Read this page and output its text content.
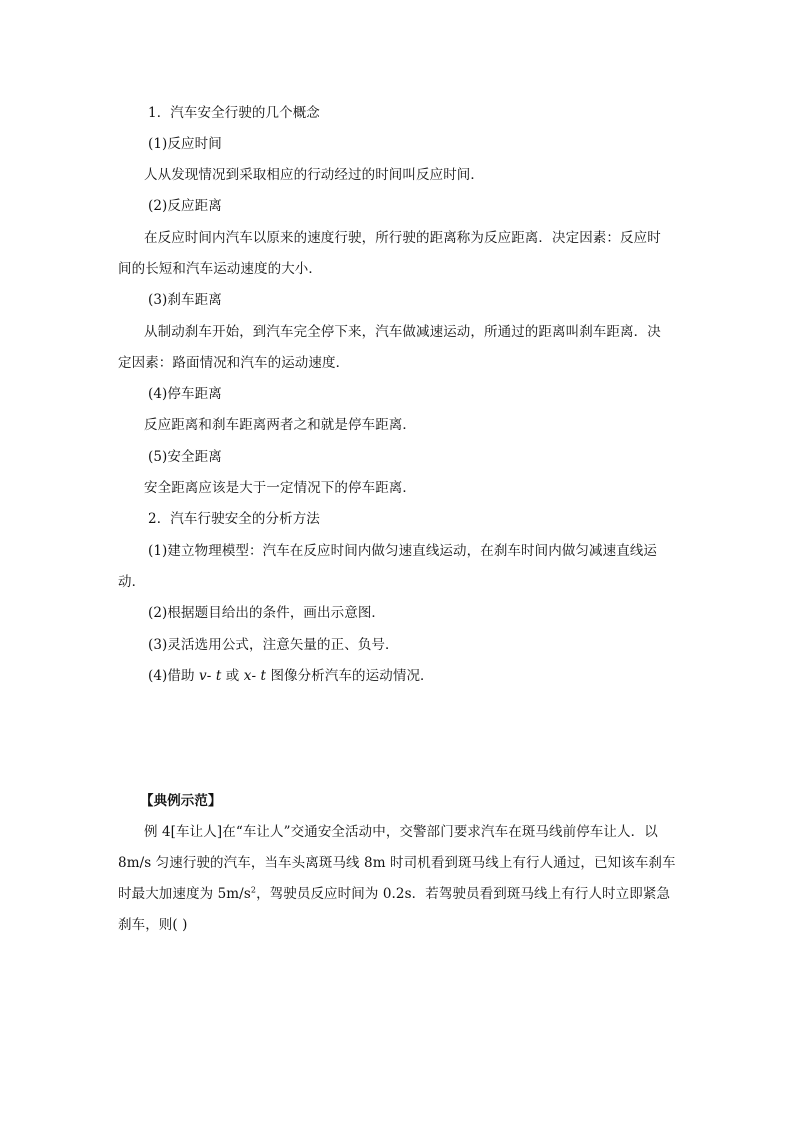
1．汽车安全行驶的几个概念
(1)反应时间
人从发现情况到采取相应的行动经过的时间叫反应时间．
(2)反应距离
在反应时间内汽车以原来的速度行驶，所行驶的距离称为反应距离．决定因素：反应时
间的长短和汽车运动速度的大小．
(3)刹车距离
从制动刹车开始，到汽车完全停下来，汽车做减速运动，所通过的距离叫刹车距离．决
定因素：路面情况和汽车的运动速度．
(4)停车距离
反应距离和刹车距离两者之和就是停车距离．
(5)安全距离
安全距离应该是大于一定情况下的停车距离．
2．汽车行驶安全的分析方法
(1)建立物理模型：汽车在反应时间内做匀速直线运动，在刹车时间内做匀减速直线运
动．
(2)根据题目给出的条件，画出示意图．
(3)灵活选用公式，注意矢量的正、负号．
(4)借助 v- t 或 x- t 图像分析汽车的运动情况．
【典例示范】
例 4[车让人]在“车让人”交通安全活动中，交警部门要求汽车在斑马线前停车让人．以
8m/s 匀速行驶的汽车，当车头离斑马线 8m 时司机看到斑马线上有行人通过，已知该车刹车
时最大加速度为 $5m/s^2$，驾驶员反应时间为 0.2s．若驾驶员看到斑马线上有行人时立即紧急
刹车，则( )
